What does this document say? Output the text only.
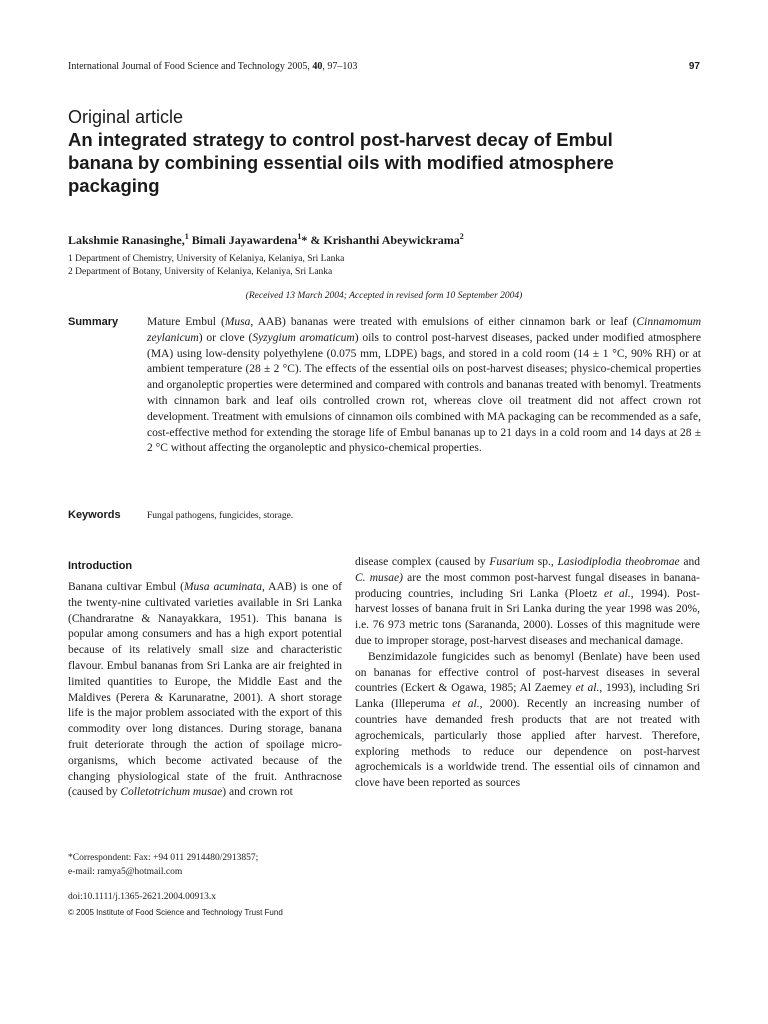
International Journal of Food Science and Technology 2005, 40, 97–103	97
Original article
An integrated strategy to control post-harvest decay of Embul banana by combining essential oils with modified atmosphere packaging
Lakshmie Ranasinghe,$^1$ Bimali Jayawardena$^1$* & Krishanthi Abeywickrama$^2$
1 Department of Chemistry, University of Kelaniya, Kelaniya, Sri Lanka
2 Department of Botany, University of Kelaniya, Kelaniya, Sri Lanka
(Received 13 March 2004; Accepted in revised form 10 September 2004)
Summary	Mature Embul (Musa, AAB) bananas were treated with emulsions of either cinnamon bark or leaf (Cinnamomum zeylanicum) or clove (Syzygium aromaticum) oils to control post-harvest diseases, packed under modified atmosphere (MA) using low-density polyethylene (0.075 mm, LDPE) bags, and stored in a cold room (14 ± 1 °C, 90% RH) or at ambient temperature (28 ± 2 °C). The effects of the essential oils on post-harvest diseases; physico-chemical properties and organoleptic properties were determined and compared with controls and bananas treated with benomyl. Treatments with cinnamon bark and leaf oils controlled crown rot, whereas clove oil treatment did not affect crown rot development. Treatment with emulsions of cinnamon oils combined with MA packaging can be recommended as a safe, cost-effective method for extending the storage life of Embul bananas up to 21 days in a cold room and 14 days at 28 ± 2 °C without affecting the organoleptic and physico-chemical properties.

Keywords	Fungal pathogens, fungicides, storage.
Introduction

Banana cultivar Embul (Musa acuminata, AAB) is one of the twenty-nine cultivated varieties available in Sri Lanka (Chandraratne & Nanayakkara, 1951). This banana is popular among consumers and has a high export potential because of its relatively small size and characteristic flavour. Embul bananas from Sri Lanka are air freighted in limited quantities to Europe, the Middle East and the Maldives (Perera & Karunaratne, 2001). A short storage life is the major problem associated with the export of this commodity over long distances. During storage, banana fruit deteriorate through the action of spoilage micro-organisms, which become activated because of the changing physiological state of the fruit. Anthracnose (caused by Colletotrichum musae) and crown rot

disease complex (caused by Fusarium sp., Lasiodiplodia theobromae and C. musae) are the most common post-harvest fungal diseases in banana-producing countries, including Sri Lanka (Ploetz et al., 1994). Post-harvest losses of banana fruit in Sri Lanka during the year 1998 was 20%, i.e. 76 973 metric tons (Sarananda, 2000). Losses of this magnitude were due to improper storage, post-harvest diseases and mechanical damage.

Benzimidazole fungicides such as benomyl (Benlate) have been used on bananas for effective control of post-harvest diseases in several countries (Eckert & Ogawa, 1985; Al Zaemey et al., 1993), including Sri Lanka (Illeperuma et al., 2000). Recently an increasing number of countries have demanded fresh products that are not treated with agrochemicals, particularly those applied after harvest. Therefore, exploring methods to reduce our dependence on post-harvest agrochemicals is a worldwide trend. The essential oils of cinnamon and clove have been reported as sources

*Correspondent: Fax: +94 011 2914480/2913857;
e-mail: ramya5@hotmail.com
doi:10.1111/j.1365-2621.2004.00913.x
© 2005 Institute of Food Science and Technology Trust Fund
